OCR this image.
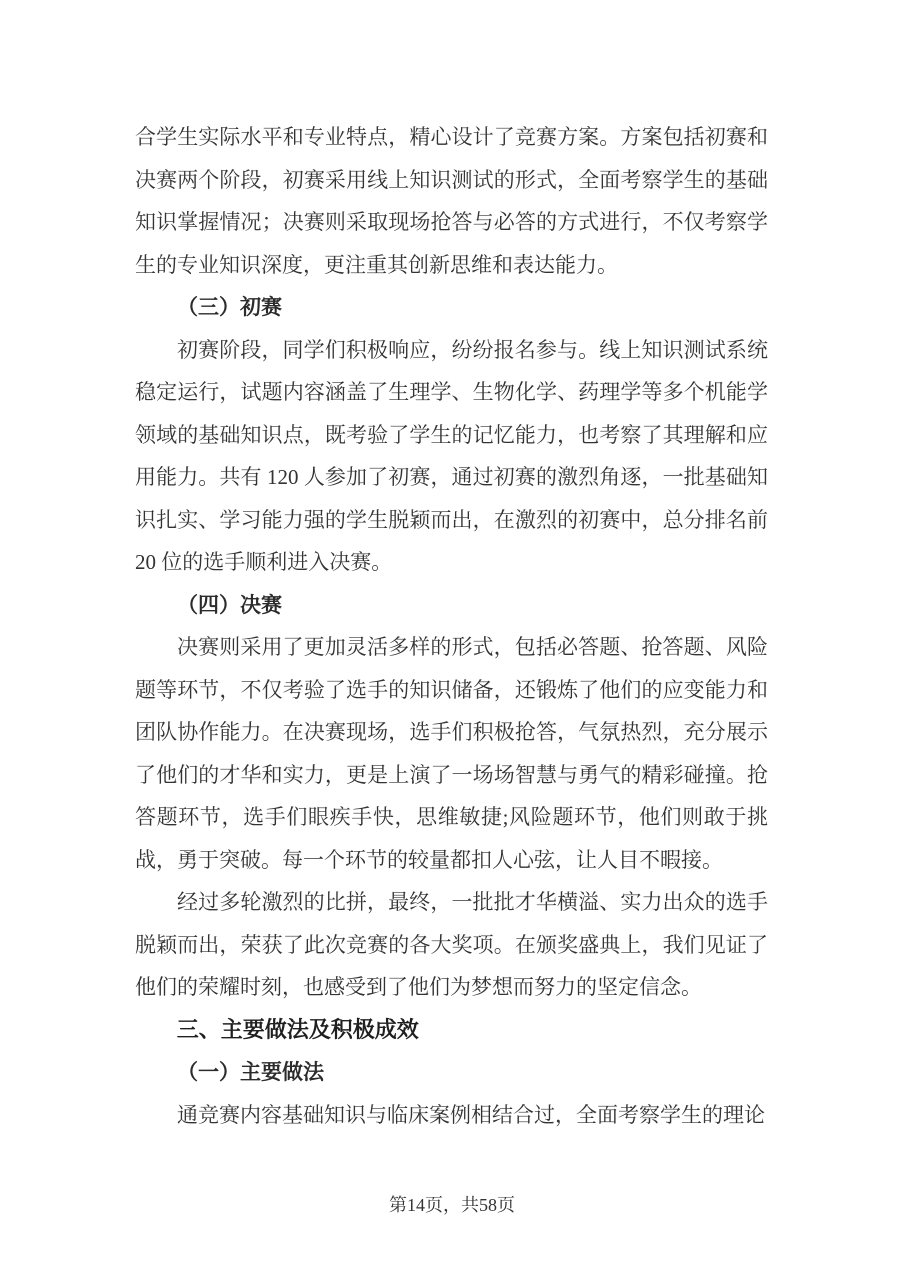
合学生实际水平和专业特点，精心设计了竞赛方案。方案包括初赛和决赛两个阶段，初赛采用线上知识测试的形式，全面考察学生的基础知识掌握情况；决赛则采取现场抢答与必答的方式进行，不仅考察学生的专业知识深度，更注重其创新思维和表达能力。

（三）初赛

初赛阶段，同学们积极响应，纷纷报名参与。线上知识测试系统稳定运行，试题内容涵盖了生理学、生物化学、药理学等多个机能学领域的基础知识点，既考验了学生的记忆能力，也考察了其理解和应用能力。共有 120 人参加了初赛，通过初赛的激烈角逐，一批基础知识扎实、学习能力强的学生脱颖而出，在激烈的初赛中，总分排名前 20 位的选手顺利进入决赛。

（四）决赛

决赛则采用了更加灵活多样的形式，包括必答题、抢答题、风险题等环节，不仅考验了选手的知识储备，还锻炼了他们的应变能力和团队协作能力。在决赛现场，选手们积极抢答，气氛热烈，充分展示了他们的才华和实力，更是上演了一场场智慧与勇气的精彩碰撞。抢答题环节，选手们眼疾手快，思维敏捷;风险题环节，他们则敢于挑战，勇于突破。每一个环节的较量都扣人心弦，让人目不暇接。

经过多轮激烈的比拼，最终，一批批才华横溢、实力出众的选手脱颖而出，荣获了此次竞赛的各大奖项。在颁奖盛典上，我们见证了他们的荣耀时刻，也感受到了他们为梦想而努力的坚定信念。

三、主要做法及积极成效
（一）主要做法

通竞赛内容基础知识与临床案例相结合过，全面考察学生的理论

第14页，共58页
